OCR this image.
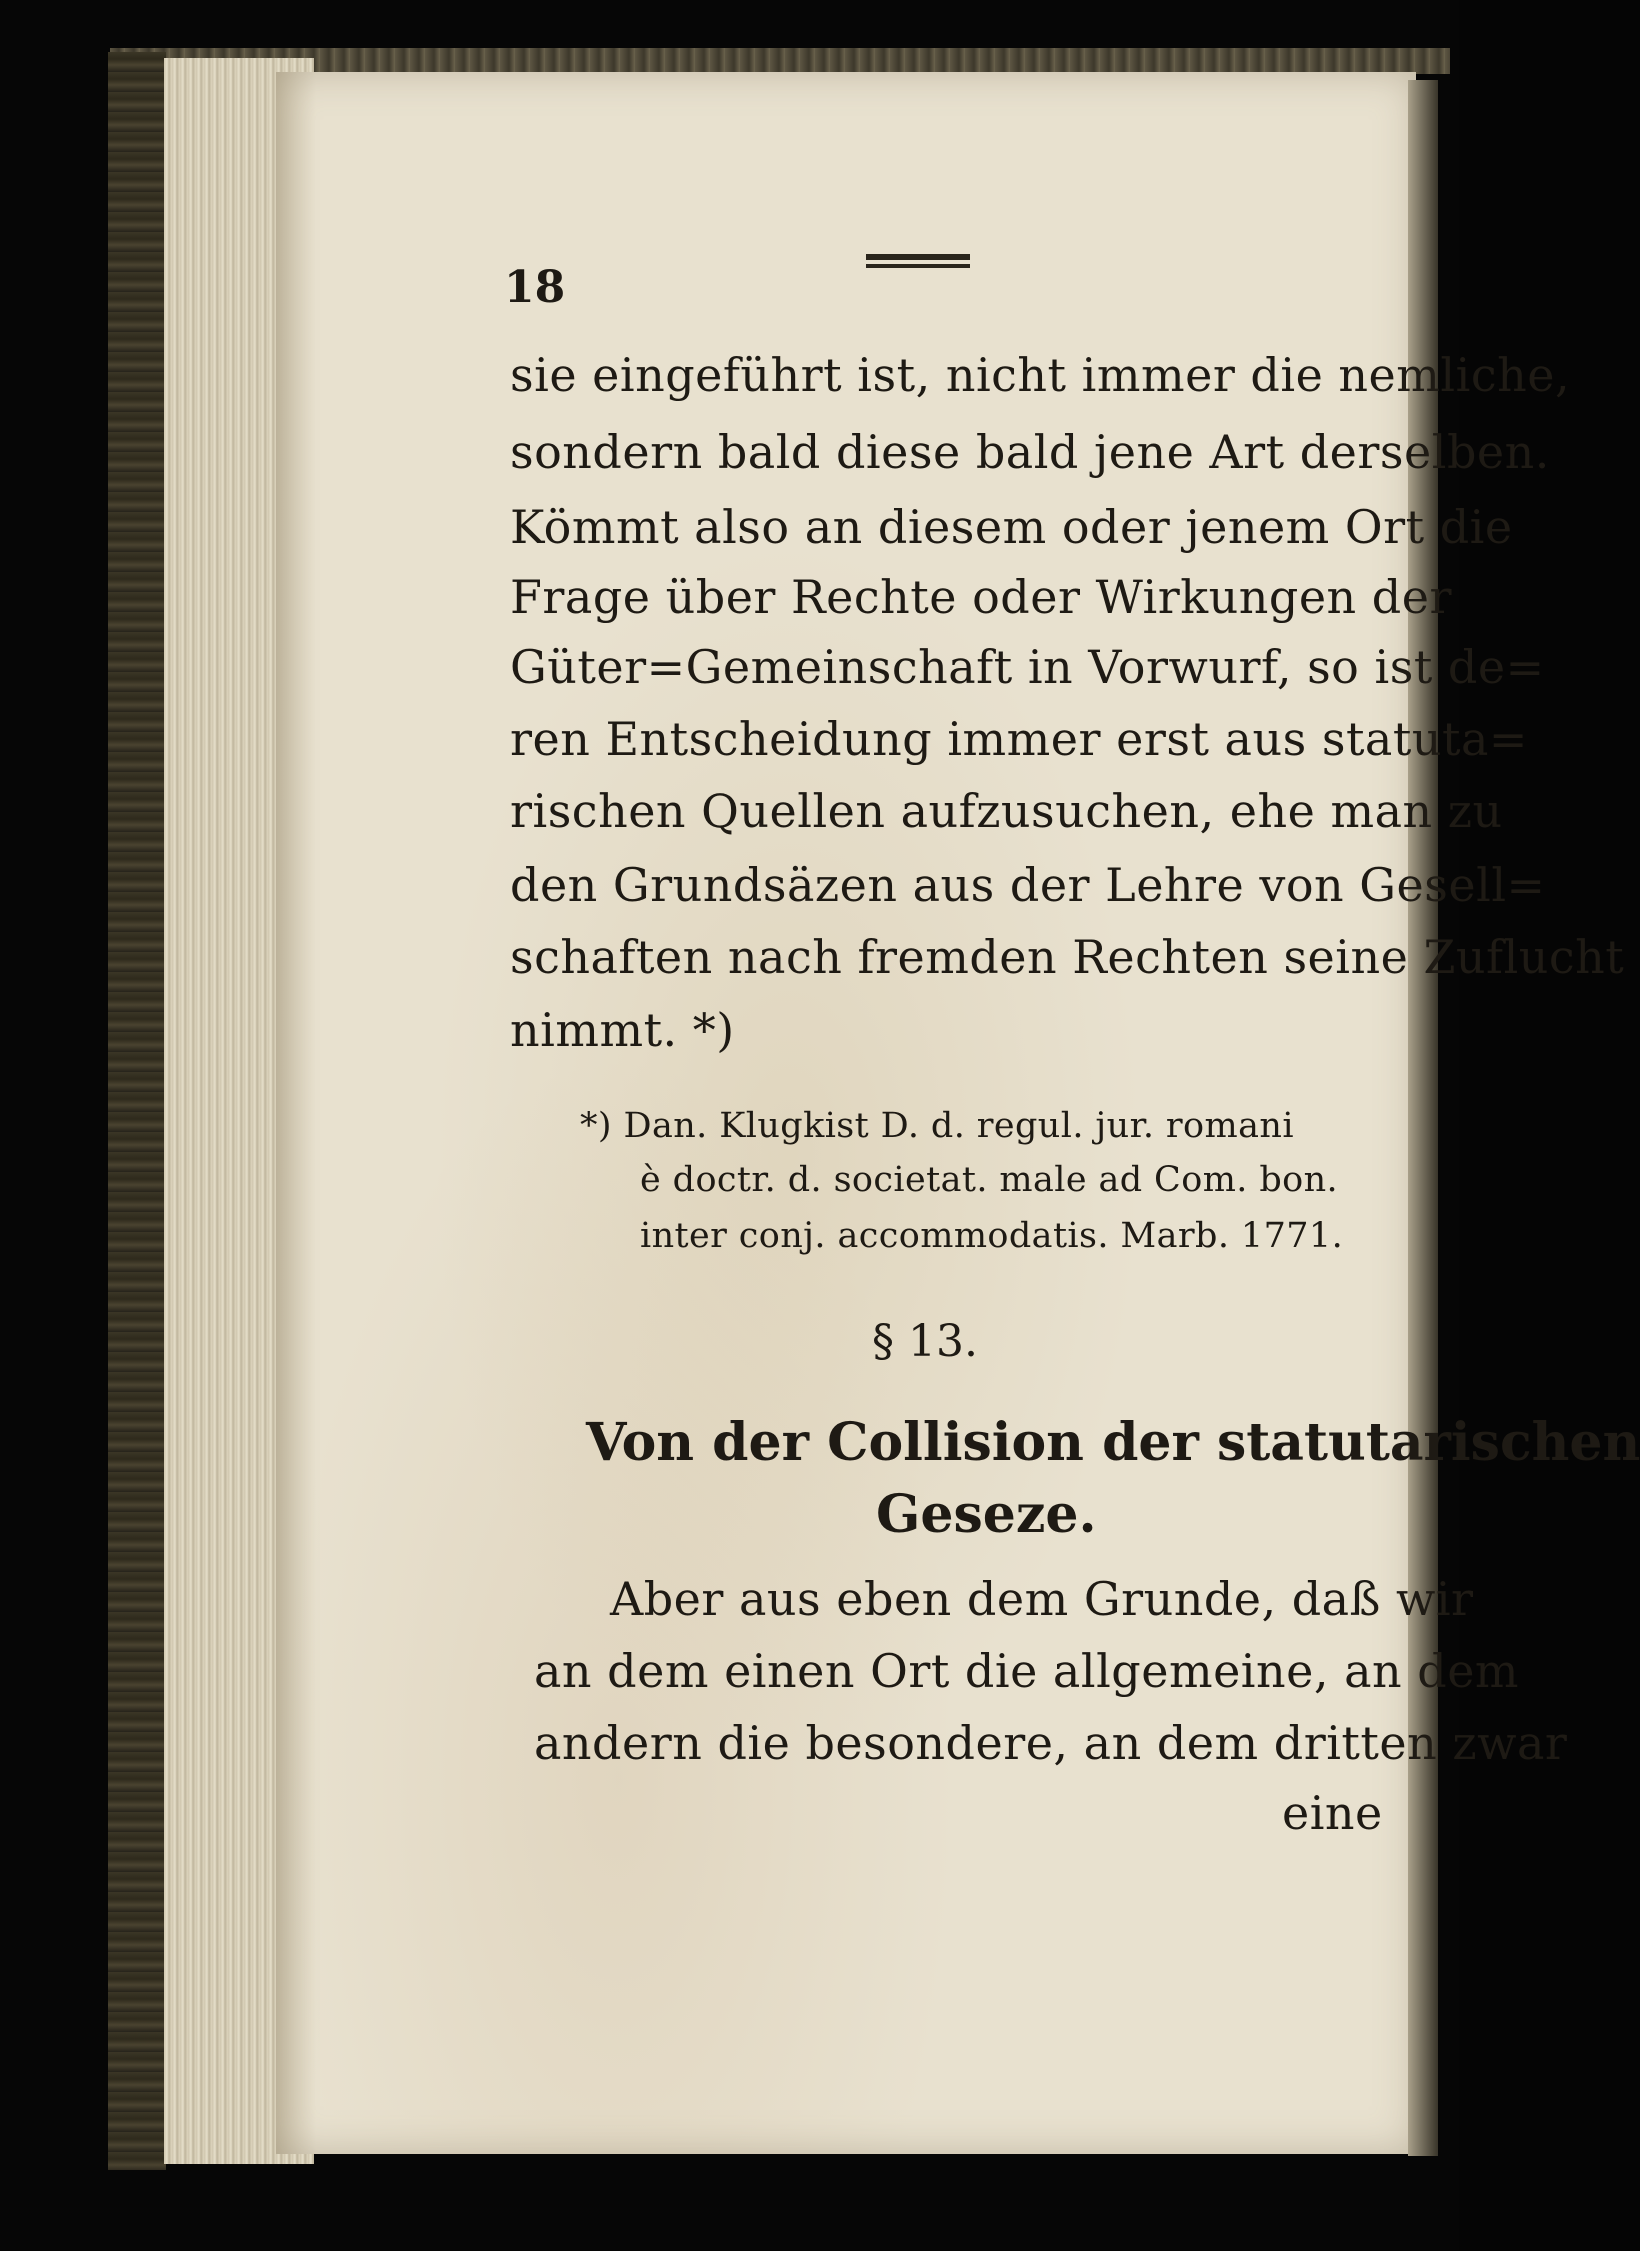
18
sie eingeführt ist, nicht immer die nemliche,
sondern bald diese bald jene Art derselben.
Kömmt also an diesem oder jenem Ort die
Frage über Rechte oder Wirkungen der
Güter=Gemeinschaft in Vorwurf, so ist de=
ren Entscheidung immer erst aus statuta=
rischen Quellen aufzusuchen, ehe man zu
den Grundsäzen aus der Lehre von Gesell=
schaften nach fremden Rechten seine Zuflucht
nimmt. *)
*) Dan. Klugkist D. d. regul. jur. romani
è doctr. d. societat. male ad Com. bon.
inter conj. accommodatis. Marb. 1771.
§ 13.
Von der Collision der statutarischen
Geseze.
Aber aus eben dem Grunde, daß wir
an dem einen Ort die allgemeine, an dem
andern die besondere, an dem dritten zwar
eine
